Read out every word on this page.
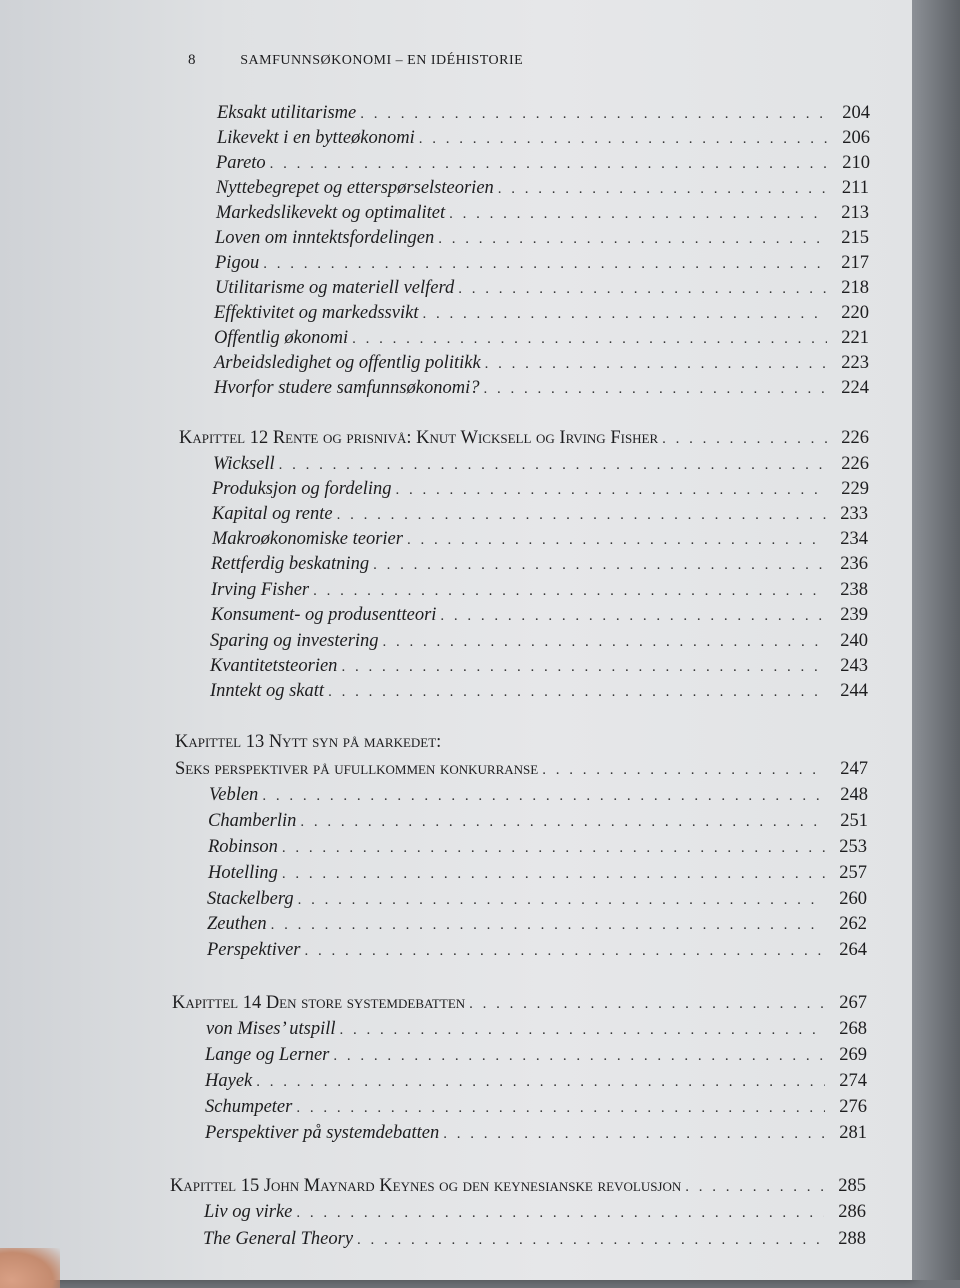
8	SAMFUNNSØKONOMI – EN IDÉHISTORIE
Eksakt utilitarisme . . .	204
Likevekt i en bytteøkonomi . . .	206
Pareto . . .	210
Nyttebegrepet og etterspørselsteorien . . .	211
Markedslikevekt og optimalitet . . .	213
Loven om inntektsfordelingen . . .	215
Pigou . . .	217
Utilitarisme og materiell velferd . . .	218
Effektivitet og markedssvikt . . .	220
Offentlig økonomi . . .	221
Arbeidsledighet og offentlig politikk . . .	223
Hvorfor studere samfunnsøkonomi? . . .	224
Kapittel 12 Rente og prisnivå: Knut Wicksell og Irving Fisher . . .	226
Wicksell . . .	226
Produksjon og fordeling . . .	229
Kapital og rente . . .	233
Makroøkonomiske teorier . . .	234
Rettferdig beskatning . . .	236
Irving Fisher . . .	238
Konsument- og produsentteori . . .	239
Sparing og investering . . .	240
Kvantitetsteorien . . .	243
Inntekt og skatt . . .	244
Kapittel 13 Nytt syn på markedet:
Seks perspektiver på ufullkommen konkurranse . . .	247
Veblen . . .	248
Chamberlin . . .	251
Robinson . . .	253
Hotelling . . .	257
Stackelberg . . .	260
Zeuthen . . .	262
Perspektiver . . .	264
Kapittel 14 Den store systemdebatten . . .	267
von Mises’ utspill . . .	268
Lange og Lerner . . .	269
Hayek . . .	274
Schumpeter . . .	276
Perspektiver på systemdebatten . . .	281
Kapittel 15 John Maynard Keynes og den keynesianske revolusjon . . .	285
Liv og virke . . .	286
The General Theory . . .	288
